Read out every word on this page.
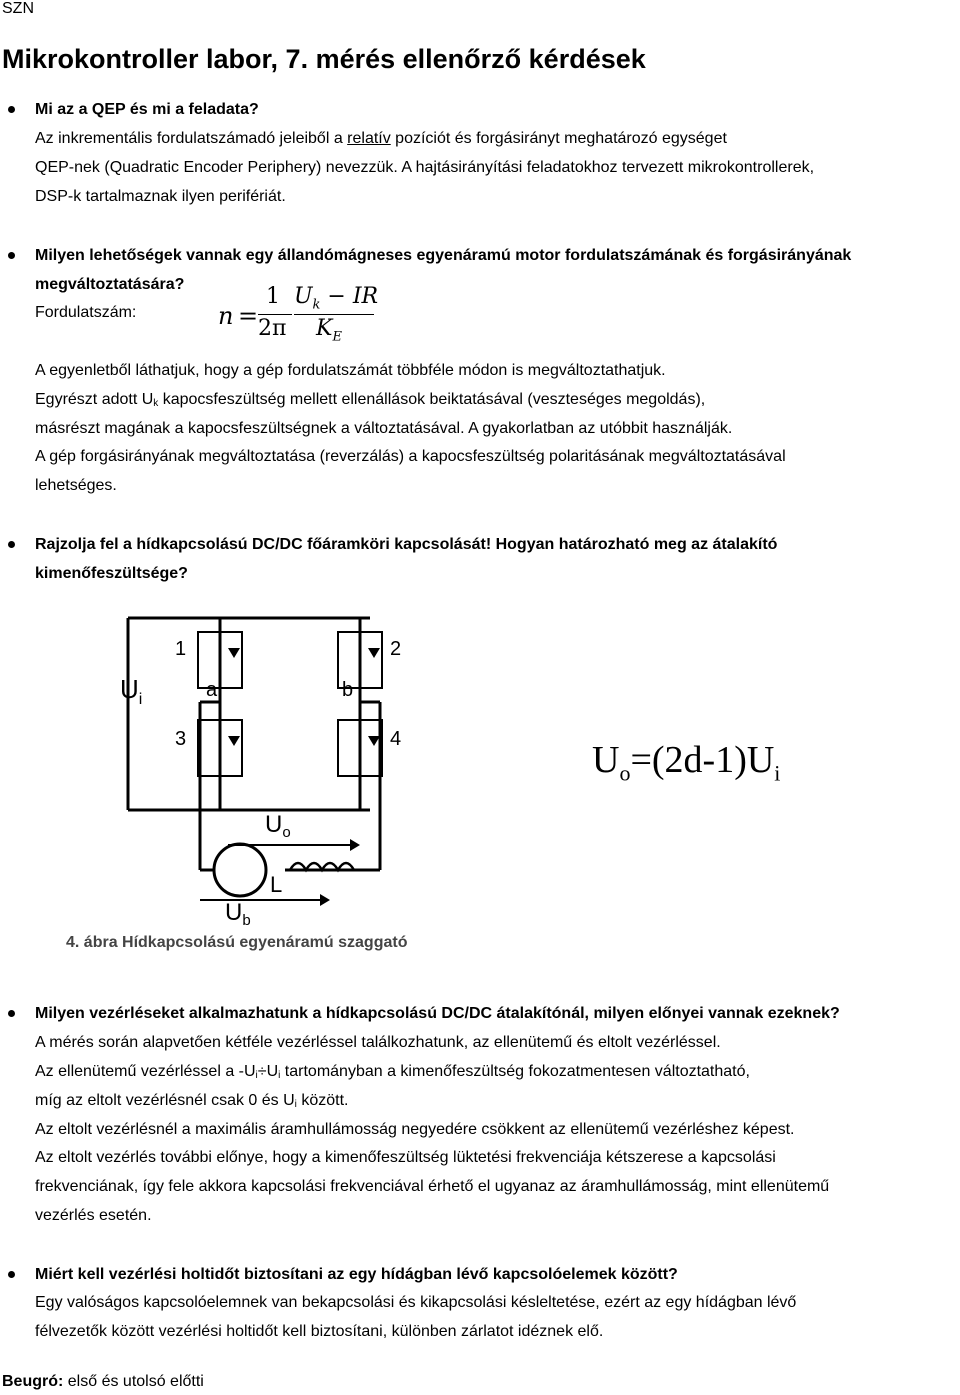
SZN
Mikrokontroller labor, 7. mérés ellenőrző kérdések
Mi az a QEP és mi a feladata?
Az inkrementális fordulatszámadó jeleiből a relatív pozíciót és forgásirányt meghatározó egységet
QEP-nek (Quadratic Encoder Periphery) nevezzük. A hajtásirányítási feladatokhoz tervezett mikrokontrollerek,
DSP-k tartalmaznak ilyen perifériát.
Milyen lehetőségek vannak egy állandómágneses egyenáramú motor fordulatszámának és forgásirányának
megváltoztatására?
Fordulatszám:	n =
1
2π
$U_k$ − IR
$K_E$
A egyenletből láthatjuk, hogy a gép fordulatszámát többféle módon is megváltoztathatjuk.
Egyrészt adott $U_k$ kapocsfeszültség mellett ellenállások beiktatásával (veszteséges megoldás),
másrészt magának a kapocsfeszültségnek a változtatásával. A gyakorlatban az utóbbit használják.
A gép forgásirányának megváltoztatása (reverzálás) a kapocsfeszültség polaritásának megváltoztatásával
lehetséges.
Rajzolja fel a hídkapcsolású DC/DC főáramköri kapcsolását! Hogyan határozható meg az átalakító
kimenőfeszültsége?
1	2
3	4
a	b
$U_i$
$U_o$
L
$U_b$
4. ábra Hídkapcsolású egyenáramú szaggató
$U_o=(2d-1)U_i$
Milyen vezérléseket alkalmazhatunk a hídkapcsolású DC/DC átalakítónál, milyen előnyei vannak ezeknek?
A mérés során alapvetően kétféle vezérléssel találkozhatunk, az ellenütemű és eltolt vezérléssel.
Az ellenütemű vezérléssel a $-U_i\div U_i$ tartományban a kimenőfeszültség fokozatmentesen változtatható,
míg az eltolt vezérlésnél csak 0 és $U_i$ között.
Az eltolt vezérlésnél a maximális áramhullámosság negyedére csökkent az ellenütemű vezérléshez képest.
Az eltolt vezérlés további előnye, hogy a kimenőfeszültség lüktetési frekvenciája kétszerese a kapcsolási
frekvenciának, így fele akkora kapcsolási frekvenciával érhető el ugyanaz az áramhullámosság, mint ellenütemű
vezérlés esetén.
Miért kell vezérlési holtidőt biztosítani az egy hídágban lévő kapcsolóelemek között?
Egy valóságos kapcsolóelemnek van bekapcsolási és kikapcsolási késleltetése, ezért az egy hídágban lévő
félvezetők között vezérlési holtidőt kell biztosítani, különben zárlatot idéznek elő.
Beugró: első és utolsó előtti
